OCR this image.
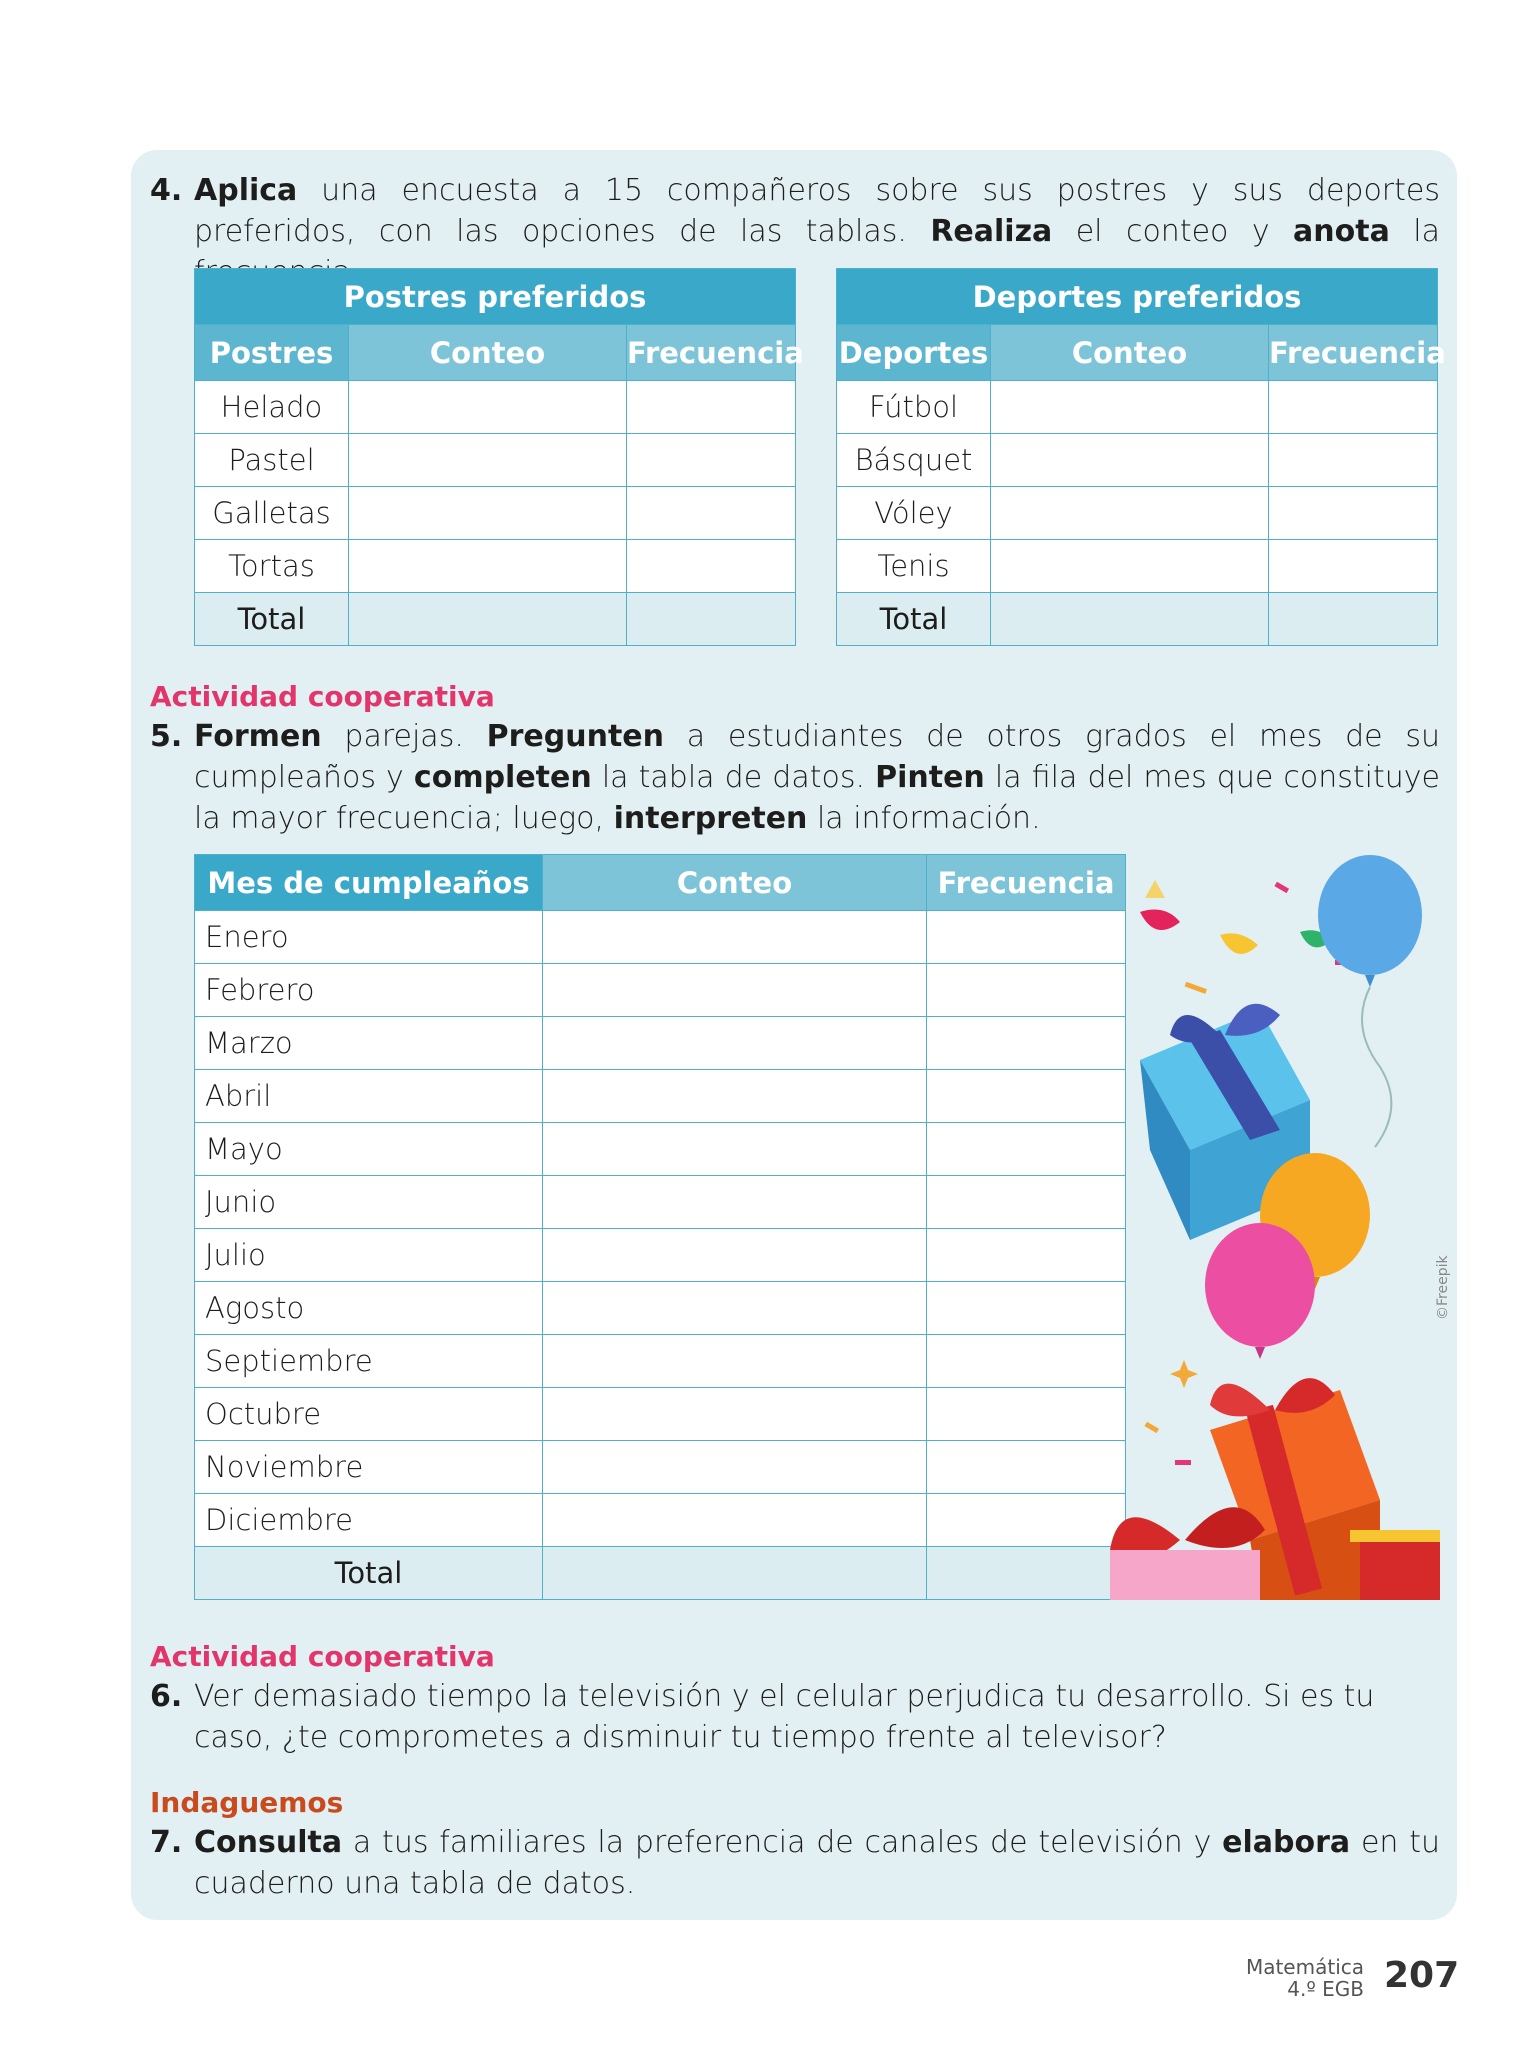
4. Aplica una encuesta a 15 compañeros sobre sus postres y sus deportes preferidos, con las opciones de las tablas. Realiza el conteo y anota la
Postres preferidos		
Postres	Conteo	Frecuencia
Helado		
Pastel		
Galletas		
Tortas		
Total		
Deportes preferidos		
Deportes	Conteo	Frecuencia
Fútbol		
Básquet		
Vóley		
Tenis		
Total		
Actividad cooperativa
5. Formen parejas. Pregunten a estudiantes de otros grados el mes de su cumpleaños y completen la tabla de datos. Pinten la fila del mes que constituye la mayor frecuencia; luego, interpreten la información.
Mes de cumpleaños	Conteo	Frecuencia
Enero		
Febrero		
Marzo		
Abril		
Mayo		
Junio		
Julio		
Agosto		
Septiembre		
Octubre		
Noviembre		
Diciembre		
Total		
©Freepik
Actividad cooperativa
6. Ver demasiado tiempo la televisión y el celular perjudica tu desarrollo. Si es tu caso, ¿te comprometes a disminuir tu tiempo frente al televisor?
Indaguemos
7. Consulta a tus familiares la preferencia de canales de televisión y elabora en tu cuaderno una tabla de datos.
Matemática
4.º EGB 207
